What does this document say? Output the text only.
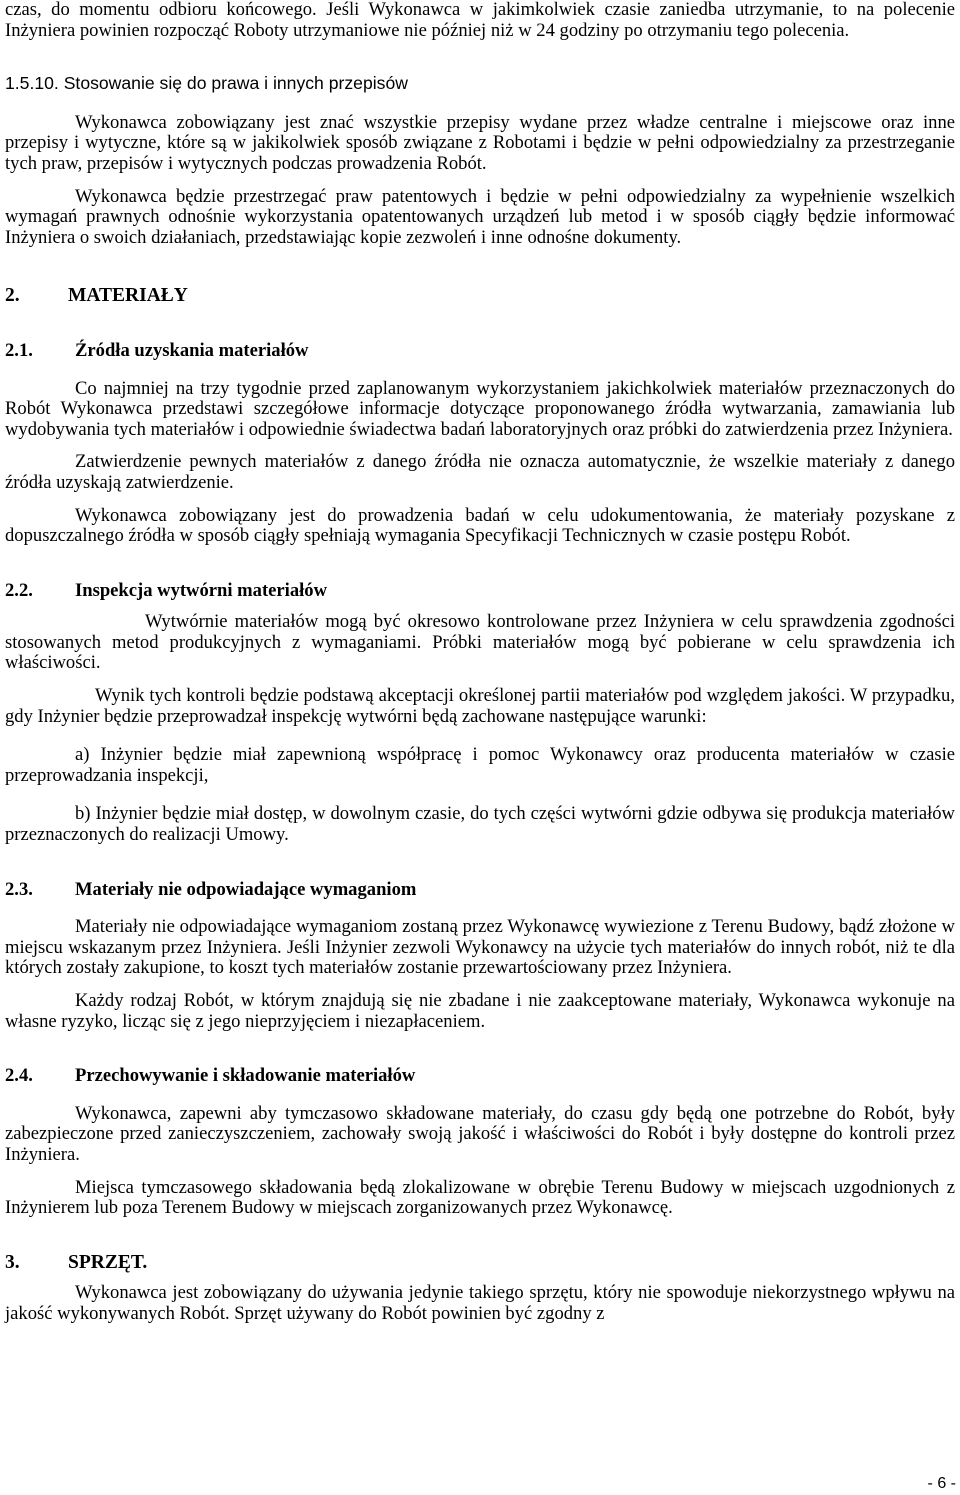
czas, do momentu odbioru końcowego. Jeśli Wykonawca w jakimkolwiek czasie zaniedba utrzymanie, to na polecenie Inżyniera powinien rozpocząć Roboty utrzymaniowe nie później niż w 24 godziny po otrzymaniu tego polecenia.

1.5.10. Stosowanie się do prawa i innych przepisów

Wykonawca zobowiązany jest znać wszystkie przepisy wydane przez władze centralne i miejscowe oraz inne przepisy i wytyczne, które są w jakikolwiek sposób związane z Robotami i będzie w pełni odpowiedzialny za przestrzeganie tych praw, przepisów i wytycznych podczas prowadzenia Robót.

Wykonawca będzie przestrzegać praw patentowych i będzie w pełni odpowiedzialny za wypełnienie wszelkich wymagań prawnych odnośnie wykorzystania opatentowanych urządzeń lub metod i w sposób ciągły będzie informować Inżyniera o swoich działaniach, przedstawiając kopie zezwoleń i inne odnośne dokumenty.

2.	MATERIAŁY
2.1.	Źródła uzyskania materiałów

Co najmniej na trzy tygodnie przed zaplanowanym wykorzystaniem jakichkolwiek materiałów przeznaczonych do Robót Wykonawca przedstawi szczegółowe informacje dotyczące proponowanego źródła wytwarzania, zamawiania lub wydobywania tych materiałów i odpowiednie świadectwa badań laboratoryjnych oraz próbki do zatwierdzenia przez Inżyniera.

Zatwierdzenie pewnych materiałów z danego źródła nie oznacza automatycznie, że wszelkie materiały z danego źródła uzyskają zatwierdzenie.

Wykonawca zobowiązany jest do prowadzenia badań w celu udokumentowania, że materiały pozyskane z dopuszczalnego źródła w sposób ciągły spełniają wymagania Specyfikacji Technicznych w czasie postępu Robót.

2.2.	Inspekcja wytwórni materiałów

Wytwórnie materiałów mogą być okresowo kontrolowane przez Inżyniera w celu sprawdzenia zgodności stosowanych metod produkcyjnych z wymaganiami. Próbki materiałów mogą być pobierane w celu sprawdzenia ich właściwości.

Wynik tych kontroli będzie podstawą akceptacji określonej partii materiałów pod względem jakości. W przypadku, gdy Inżynier będzie przeprowadzał inspekcję wytwórni będą zachowane następujące warunki:

a) Inżynier będzie miał zapewnioną współpracę i pomoc Wykonawcy oraz producenta materiałów w czasie przeprowadzania inspekcji,

b) Inżynier będzie miał dostęp, w dowolnym czasie, do tych części wytwórni gdzie odbywa się produkcja materiałów przeznaczonych do realizacji Umowy.

2.3.	Materiały nie odpowiadające wymaganiom

Materiały nie odpowiadające wymaganiom zostaną przez Wykonawcę wywiezione z Terenu Budowy, bądź złożone w miejscu wskazanym przez Inżyniera. Jeśli Inżynier zezwoli Wykonawcy na użycie tych materiałów do innych robót, niż te dla których zostały zakupione, to koszt tych materiałów zostanie przewartościowany przez Inżyniera.

Każdy rodzaj Robót, w którym znajdują się nie zbadane i nie zaakceptowane materiały, Wykonawca wykonuje na własne ryzyko, licząc się z jego nieprzyjęciem i niezapłaceniem.

2.4.	Przechowywanie i składowanie materiałów

Wykonawca, zapewni aby tymczasowo składowane materiały, do czasu gdy będą one potrzebne do Robót, były zabezpieczone przed zanieczyszczeniem, zachowały swoją jakość i właściwości do Robót i były dostępne do kontroli przez Inżyniera.

Miejsca tymczasowego składowania będą zlokalizowane w obrębie Terenu Budowy w miejscach uzgodnionych z Inżynierem lub poza Terenem Budowy w miejscach zorganizowanych przez Wykonawcę.

3.	SPRZĘT.

Wykonawca jest zobowiązany do używania jedynie takiego sprzętu, który nie spowoduje niekorzystnego wpływu na jakość wykonywanych Robót. Sprzęt używany do Robót powinien być zgodny z

- 6 -
